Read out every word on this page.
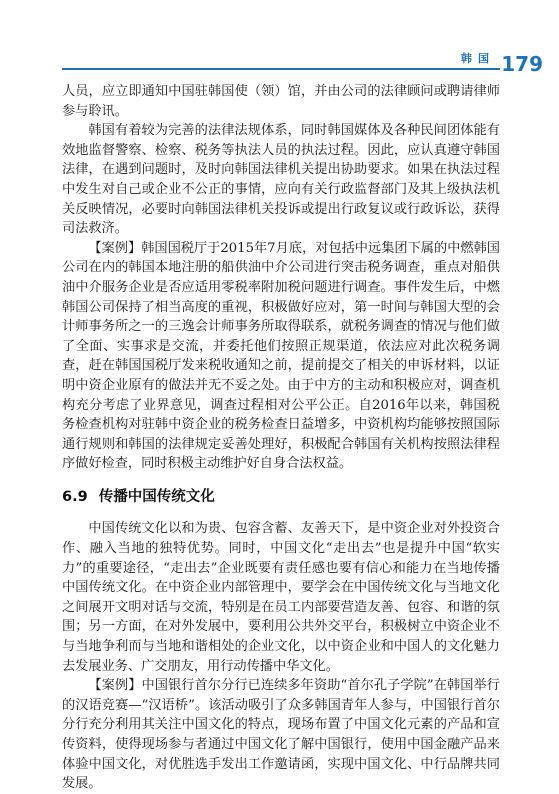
韩国 179

人员，应立即通知中国驻韩国使（领）馆，并由公司的法律顾问或聘请律师参与聆讯。

韩国有着较为完善的法律法规体系，同时韩国媒体及各种民间团体能有效地监督警察、检察、税务等执法人员的执法过程。因此，应认真遵守韩国法律，在遇到问题时，及时向韩国法律机关提出协助要求。如果在执法过程中发生对自己或企业不公正的事情，应向有关行政监督部门及其上级执法机关反映情况，必要时向韩国法律机关投诉或提出行政复议或行政诉讼，获得司法救济。

【案例】韩国国税厅于2015年7月底，对包括中远集团下属的中燃韩国公司在内的韩国本地注册的船供油中介公司进行突击税务调查，重点对船供油中介服务企业是否应适用零税率附加税问题进行调查。事件发生后，中燃韩国公司保持了相当高度的重视，积极做好应对，第一时间与韩国大型的会计师事务所之一的三逸会计师事务所取得联系，就税务调查的情况与他们做了全面、实事求是交流，并委托他们按照正规渠道，依法应对此次税务调查，赶在韩国国税厅发来税收通知之前，提前提交了相关的申诉材料，以证明中资企业原有的做法并无不妥之处。由于中方的主动和积极应对，调查机构充分考虑了业界意见，调查过程相对公平公正。自2016年以来，韩国税务检查机构对驻韩中资企业的税务检查日益增多，中资机构均能够按照国际通行规则和韩国的法律规定妥善处理好，积极配合韩国有关机构按照法律程序做好检查，同时积极主动维护好自身合法权益。

6.9 传播中国传统文化

中国传统文化以和为贵、包容含蓄、友善天下，是中资企业对外投资合作、融入当地的独特优势。同时，中国文化“走出去”也是提升中国“软实力”的重要途径，“走出去”企业既要有责任感也要有信心和能力在当地传播中国传统文化。在中资企业内部管理中，要学会在中国传统文化与当地文化之间展开文明对话与交流，特别是在员工内部要营造友善、包容、和谐的氛围；另一方面，在对外发展中，要利用公共外交平台，积极树立中资企业不与当地争利而与当地和谐相处的企业文化，以中资企业和中国人的文化魅力去发展业务、广交朋友，用行动传播中华文化。

【案例】中国银行首尔分行已连续多年资助“首尔孔子学院”在韩国举行的汉语竞赛—“汉语桥”。该活动吸引了众多韩国青年人参与，中国银行首尔分行充分利用其关注中国文化的特点，现场布置了中国文化元素的产品和宣传资料，使得现场参与者通过中国文化了解中国银行，使用中国金融产品来体验中国文化，对优胜选手发出工作邀请函，实现中国文化、中行品牌共同发展。
